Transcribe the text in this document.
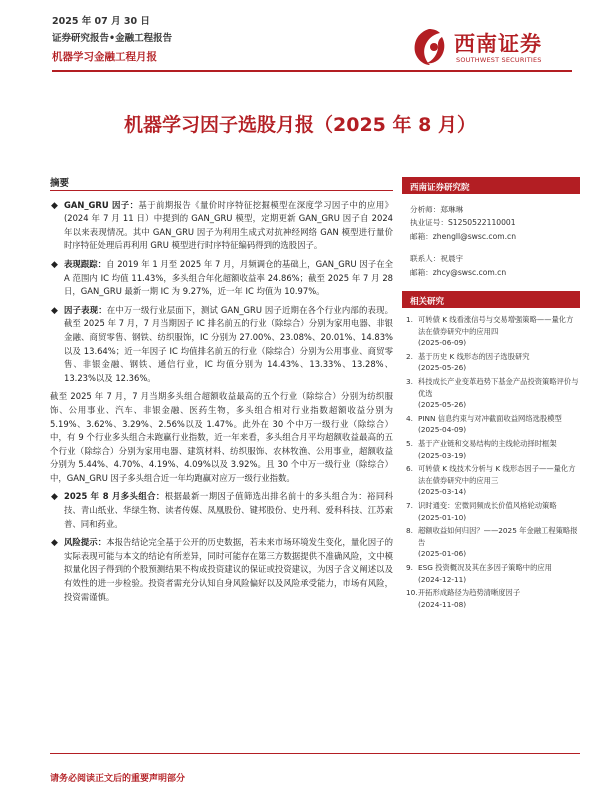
2025 年 07 月 30 日
证券研究报告•金融工程报告
机器学习金融工程月报
西南证券
SOUTHWEST SECURITIES
机器学习因子选股月报（2025 年 8 月）
摘要
◆ GAN_GRU 因子：基于前期报告《量价时序特征挖掘模型在深度学习因子中的应用》(2024 年 7 月 11 日）中提到的 GAN_GRU 模型，定期更新 GAN_GRU 因子自 2024 年以来表现情况。其中 GAN_GRU 因子为利用生成式对抗神经网络 GAN 模型进行量价时序特征处理后再利用 GRU 模型进行时序特征编码得到的选股因子。
◆ 表现跟踪：自 2019 年 1 月至 2025 年 7 月，月频调仓的基础上，GAN_GRU 因子在全 A 范围内 IC 均值 11.43%，多头组合年化超额收益率 24.86%；截至 2025 年 7 月 28 日，GAN_GRU 最新一期 IC 为 9.27%，近一年 IC 均值为 10.97%。
◆ 因子表现：在中万一级行业层面下，测试 GAN_GRU 因子近期在各个行业内部的表现。截至 2025 年 7 月，7 月当期因子 IC 排名前五的行业（除综合）分别为家用电器、非银金融、商贸零售、钢铁、纺织服饰，IC 分别为 27.00%、23.08%、20.01%、14.83%以及 13.64%；近一年因子 IC 均值排名前五的行业（除综合）分别为公用事业、商贸零售、非银金融、钢铁、通信行业，IC 均值分别为 14.43%、13.33%、13.28%、13.23%以及 12.36%。
截至 2025 年 7 月，7 月当期多头组合超额收益最高的五个行业（除综合）分别为纺织服饰、公用事业、汽车、非银金融、医药生物，多头组合相对行业指数超额收益分别为 5.19%、3.62%、3.29%、2.56%以及 1.47%。此外在 30 个中万一级行业（除综合）中，有 9 个行业多头组合未跑赢行业指数，近一年来看，多头组合月平均超额收益最高的五个行业（除综合）分别为家用电器、建筑材料、纺织服饰、农林牧渔、公用事业，超额收益分别为 5.44%、4.70%、4.19%、4.09%以及 3.92%。且 30 个中万一级行业（除综合）中，GAN_GRU 因子多头组合近一年均跑赢对应万一级行业指数。
◆ 2025 年 8 月多头组合：根据最新一期因子值筛选出排名前十的多头组合为：裕同科技、青山纸业、华绿生物、读者传媒、凤凰股份、键邦股份、史丹利、爱科科技、江苏索普、同和药业。
◆ 风险提示：本报告结论完全基于公开的历史数据，若未来市场环境发生变化，量化因子的实际表现可能与本文的结论有所差异，同时可能存在第三方数据提供不准确风险，文中模拟量化因子得到的个股预测结果不构成投资建议的保证或投资建议，为因子含义阐述以及有效性的进一步检验。投资者需充分认知自身风险偏好以及风险承受能力，市场有风险，投资需谨慎。
西南证券研究院
分析师：郑琳琳
执业证号：S1250522110001
邮箱：zhengll@swsc.com.cn
联系人：祝晨宇
邮箱：zhcy@swsc.com.cn
相关研究
1. 可转债 K 线看涨信号与交易增强策略——量化方法在债券研究中的应用四
(2025-06-09)
2. 基于历史 K 线形态的因子选股研究
(2025-05-26)
3. 科技成长产业变革趋势下基金产品投资策略评价与优选
(2025-05-26)
4. PINN 信息约束与对冲截面收益网络选股模型
(2025-04-09)
5. 基于产业链和交易结构的主线轮动择时框架
(2025-03-19)
6. 可转债 K 线技术分析与 K 线形态因子——量化方法在债券研究中的应用三
(2025-03-14)
7. 识时通变：宏微同频成长价值风格轮动策略
(2025-01-10)
8. 超额收益如何归因？——2025 年金融工程策略报告
(2025-01-06)
9. ESG 投资概况及其在多因子策略中的应用
(2024-12-11)
10. 开拓形成路径为趋势清晰度因子
(2024-11-08)
请务必阅读正文后的重要声明部分
